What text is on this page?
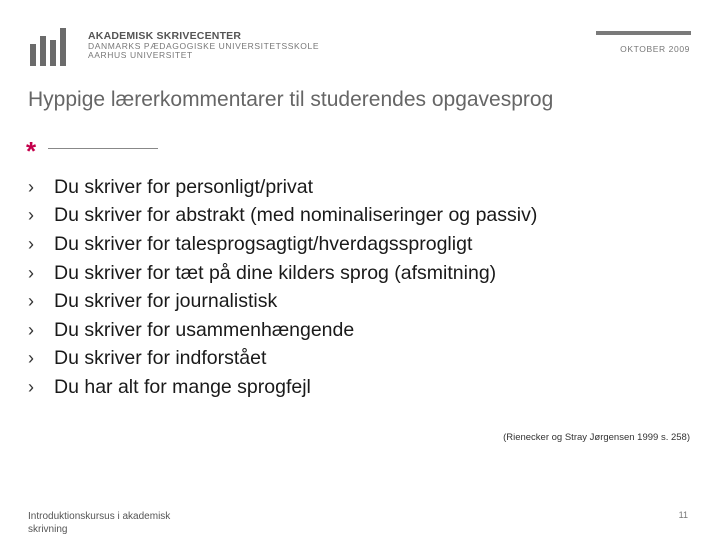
AKADEMISK SKRIVECENTER
DANMARKS PÆDAGOGISKE UNIVERSITETSSKOLE
AARHUS UNIVERSITET
OKTOBER 2009
Hyppige lærerkommentarer til studerendes opgavesprog
*
›	Du skriver for personligt/privat
›	Du skriver for abstrakt (med nominaliseringer og passiv)
›	Du skriver for talesprogsagtigt/hverdagssprogligt
›	Du skriver for tæt på dine kilders sprog (afsmitning)
›	Du skriver for journalistisk
›	Du skriver for usammenhængende
›	Du skriver for indforstået
›	Du har alt for mange sprogfejl
(Rienecker og Stray Jørgensen 1999 s. 258)
Introduktionskursus i akademisk skrivning
11
